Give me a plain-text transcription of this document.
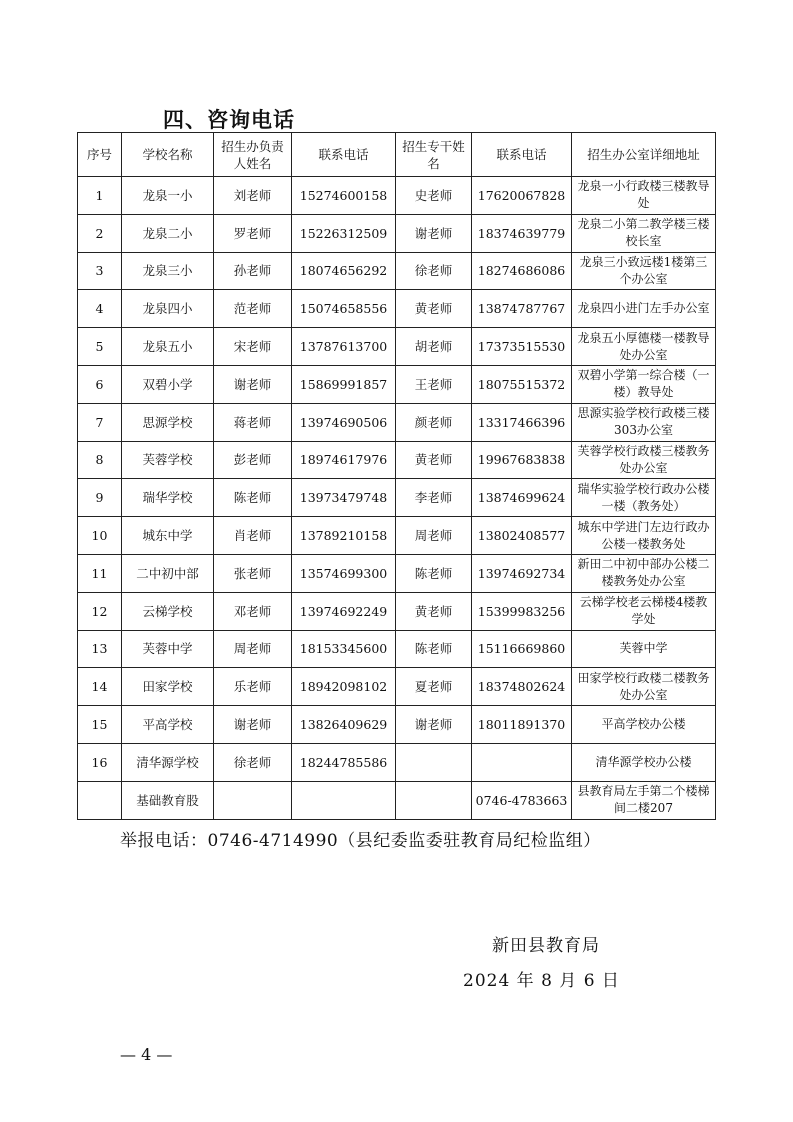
四、咨询电话
序号	学校名称	招生办负责人姓名	联系电话	招生专干姓名	联系电话	招生办公室详细地址
1	龙泉一小	刘老师	15274600158	史老师	17620067828	龙泉一小行政楼三楼教导处
2	龙泉二小	罗老师	15226312509	谢老师	18374639779	龙泉二小第二教学楼三楼校长室
3	龙泉三小	孙老师	18074656292	徐老师	18274686086	龙泉三小致远楼1楼第三个办公室
4	龙泉四小	范老师	15074658556	黄老师	13874787767	龙泉四小进门左手办公室
5	龙泉五小	宋老师	13787613700	胡老师	17373515530	龙泉五小厚德楼一楼教导处办公室
6	双碧小学	谢老师	15869991857	王老师	18075515372	双碧小学第一综合楼（一楼）教导处
7	思源学校	蒋老师	13974690506	颜老师	13317466396	思源实验学校行政楼三楼303办公室
8	芙蓉学校	彭老师	18974617976	黄老师	19967683838	芙蓉学校行政楼三楼教务处办公室
9	瑞华学校	陈老师	13973479748	李老师	13874699624	瑞华实验学校行政办公楼一楼（教务处）
10	城东中学	肖老师	13789210158	周老师	13802408577	城东中学进门左边行政办公楼一楼教务处
11	二中初中部	张老师	13574699300	陈老师	13974692734	新田二中初中部办公楼二楼教务处办公室
12	云梯学校	邓老师	13974692249	黄老师	15399983256	云梯学校老云梯楼4楼教学处
13	芙蓉中学	周老师	18153345600	陈老师	15116669860	芙蓉中学
14	田家学校	乐老师	18942098102	夏老师	18374802624	田家学校行政楼二楼教务处办公室
15	平高学校	谢老师	13826409629	谢老师	18011891370	平高学校办公楼
16	清华源学校	徐老师	18244785586			清华源学校办公楼
	基础教育股				0746-4783663	县教育局左手第二个楼梯间二楼207
举报电话：0746-4714990（县纪委监委驻教育局纪检监组）
新田县教育局
2024 年 8 月 6 日
— 4 —
